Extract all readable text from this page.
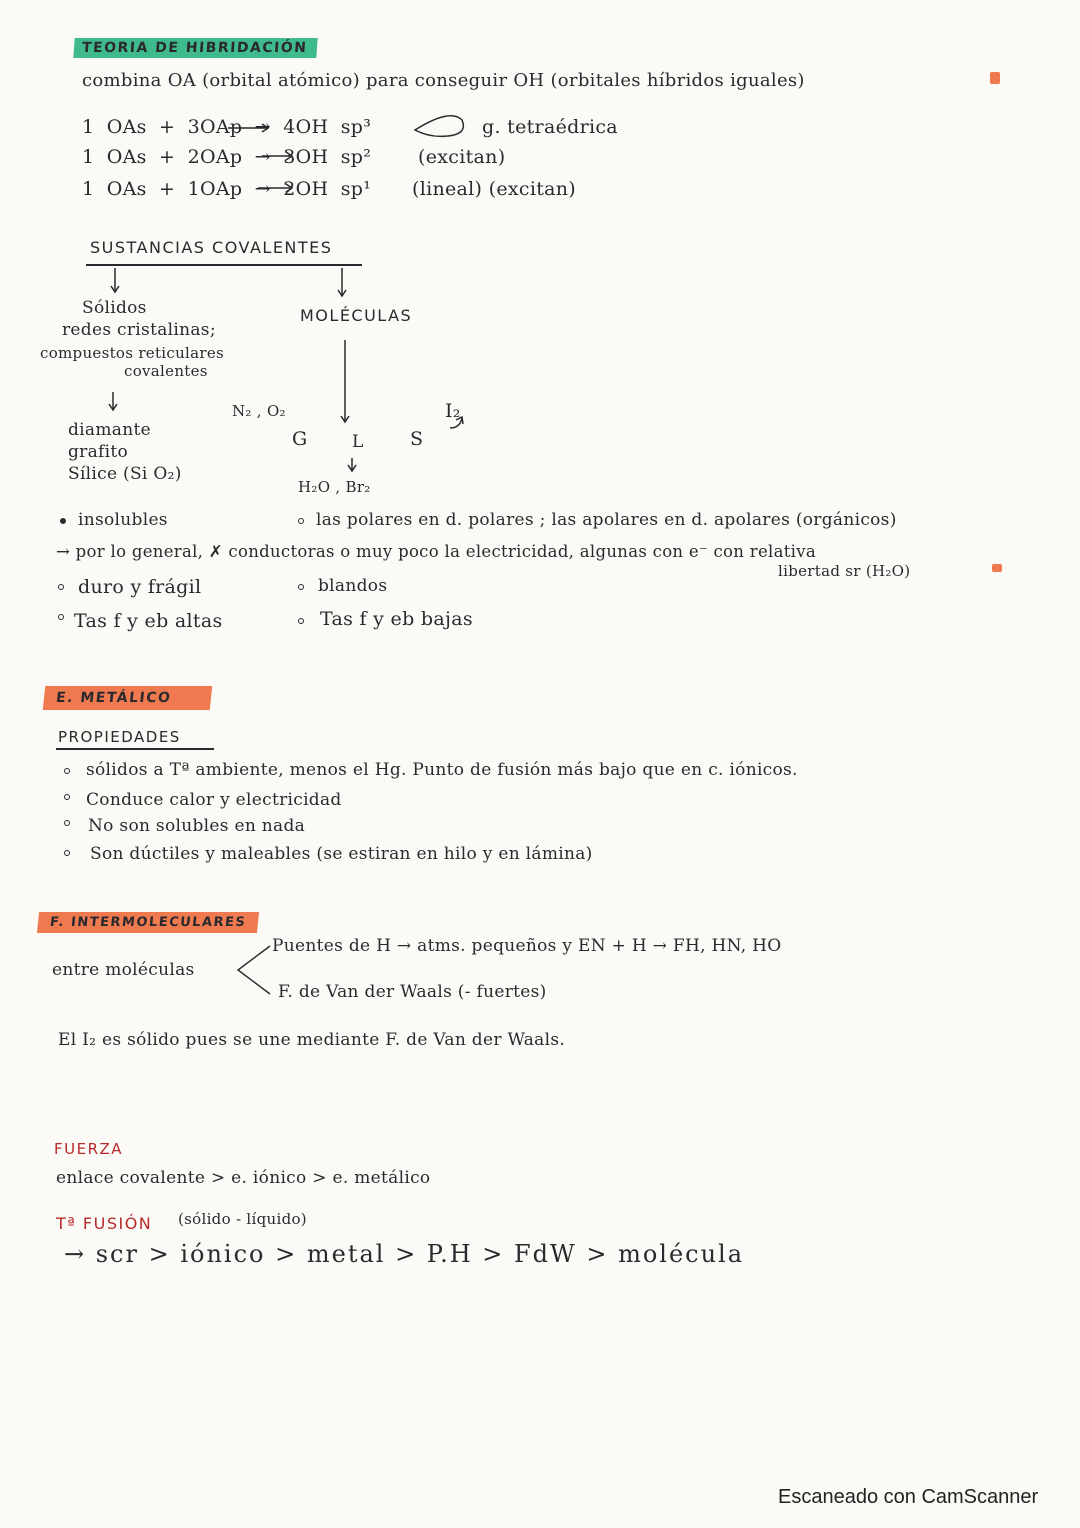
TEORIA DE HIBRIDACIÓN
combina OA (orbital atómico) para conseguir OH (orbitales híbridos iguales)
1 OAs + 3OAp → 4OH sp³	g. tetraédrica
1 OAs + 2OAp → 3OH sp² (excitan)
1 OAs + 1OAp → 2OH sp¹ (lineal) (excitan)
SUSTANCIAS COVALENTES
Sólidos
redes cristalinas;
compuestos reticulares
covalentes
MOLÉCULAS
diamante
grafito
Sílice (Si O₂)
N₂ , O₂
G	L S
I₂
H₂O , Br₂
insolubles	las polares en d. polares ; las apolares en d. apolares (orgánicos)
→ por lo general, ✗ conductoras o muy poco la electricidad, algunas con e⁻ con relativa
libertad sr (H₂O)
duro y frágil	blandos
Tas f y eb altas	Tas f y eb bajas
E. METÁLICO
PROPIEDADES
sólidos a Tª ambiente, menos el Hg. Punto de fusión más bajo que en c. iónicos.
Conduce calor y electricidad
No son solubles en nada
Son dúctiles y maleables (se estiran en hilo y en lámina)
F. INTERMOLECULARES
entre moléculas
Puentes de H → atms. pequeños y EN + H → FH, HN, HO
F. de Van der Waals (- fuertes)
El I₂ es sólido pues se une mediante F. de Van der Waals.
FUERZA
enlace covalente > e. iónico > e. metálico
Tª FUSIÓN (sólido - líquido)
→ scr > iónico > metal > P.H > FdW > molécula
Escaneado con CamScanner
